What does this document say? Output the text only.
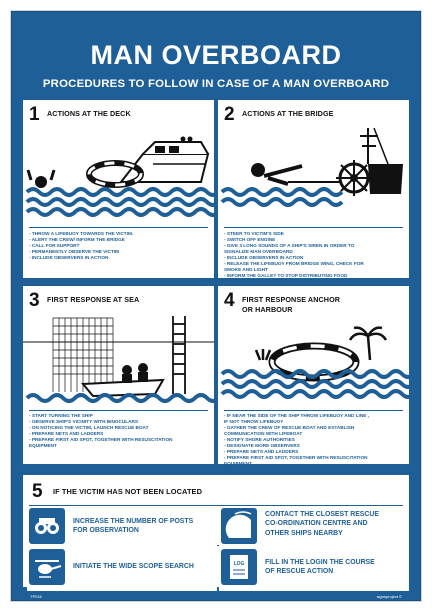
MAN OVERBOARD
PROCEDURES TO FOLLOW IN CASE OF A MAN OVERBOARD
TP016	signsproject ©
1 ACTIONS AT THE DECK
- THROW A LIFEBUOY TOWARDS THE VICTIM.
- ALERT THE CREW/ INFORM THE BRIDGE
- CALL FOR SUPPORT
- PERMANENTLY OBSERVE THE VICTIM
- INCLUDE OBSERVERS IN ACTION
2 ACTIONS AT THE BRIDGE
- STEER TO VICTIM'S SIDE
- SWITCH OFF ENGINE
- GIVE 3 LONG SOUNDS OF A SHIP'S SIREN IN ORDER TO
SIGNALIZE MAN OVERBOARD
- INCLUDE OBSERVERS IN ACTION
- RELEASE THE LIFEBUOY FROM BRIDGE WING, CHECK FOR
SMOKE AND LIGHT
- INFORM THE GALLEY TO STOP DISTRIBUTING FOOD
3 FIRST RESPONSE AT SEA
- START TURNING THE SHIP
- OBSERVE SHIP'S VICINITY WITH BINOCULARS
- ON NOTICING THE VICTIM, LAUNCH RESCUE BOAT
- PREPARE NETS AND LADDERS
- PREPARE FIRST AID SPOT, TOGETHER WITH RESUSCITATION
EQUIPMENT
4 FIRST RESPONSE ANCHOR
OR HARBOUR
- IF NEAR THE SIDE OF THE SHIP THROW LIFEBUOY AND LINE ,
IF NOT THROW LIFEBUOY
- GATHER THE CREW OF RESCUE BOAT AND ESTABLISH
COMMUNICATION WITH LIFEBOAT
- NOTIFY SHORE AUTHORITIES
- DESIGNATE MORE OBSERVERS
- PREPARE NETS AND LADDERS
- PREPARE FIRST AID SPOT, TOGETHER WITH RESUSCITATION
EQUIPMENT
5 IF THE VICTIM HAS NOT BEEN LOCATED
INCREASE THE NUMBER OF POSTS
FOR OBSERVATION
CONTACT THE CLOSEST RESCUE
CO-ORDINATION CENTRE AND
OTHER SHIPS NEARBY
INITIATE THE WIDE SCOPE SEARCH	LOG	FILL IN THE LOGIN THE COURSE
OF RESCUE ACTION
